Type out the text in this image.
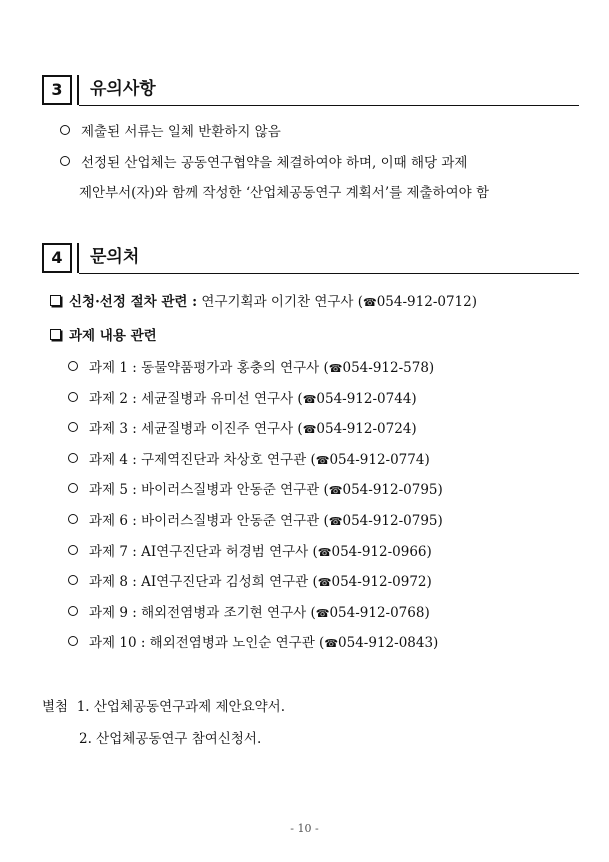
3	유의사항
제출된 서류는 일체 반환하지 않음
선정된 산업체는 공동연구협약을 체결하여야 하며, 이때 해당 과제
제안부서(자)와 함께 작성한 ‘산업체공동연구 계획서’를 제출하여야 함
4	문의처
신청·선정 절차 관련 : 연구기획과 이기찬 연구사 (☎054-912-0712)
과제 내용 관련
과제 1 : 동물약품평가과 홍충의 연구사 (☎054-912-578)
과제 2 : 세균질병과 유미선 연구사 (☎054-912-0744)
과제 3 : 세균질병과 이진주 연구사 (☎054-912-0724)
과제 4 : 구제역진단과 차상호 연구관 (☎054-912-0774)
과제 5 : 바이러스질병과 안동준 연구관 (☎054-912-0795)
과제 6 : 바이러스질병과 안동준 연구관 (☎054-912-0795)
과제 7 : AI연구진단과 허경범 연구사 (☎054-912-0966)
과제 8 : AI연구진단과 김성희 연구관 (☎054-912-0972)
과제 9 : 해외전염병과 조기현 연구사 (☎054-912-0768)
과제 10 : 해외전염병과 노인순 연구관 (☎054-912-0843)
별첨 1. 산업체공동연구과제 제안요약서.
2. 산업체공동연구 참여신청서.
- 10 -
